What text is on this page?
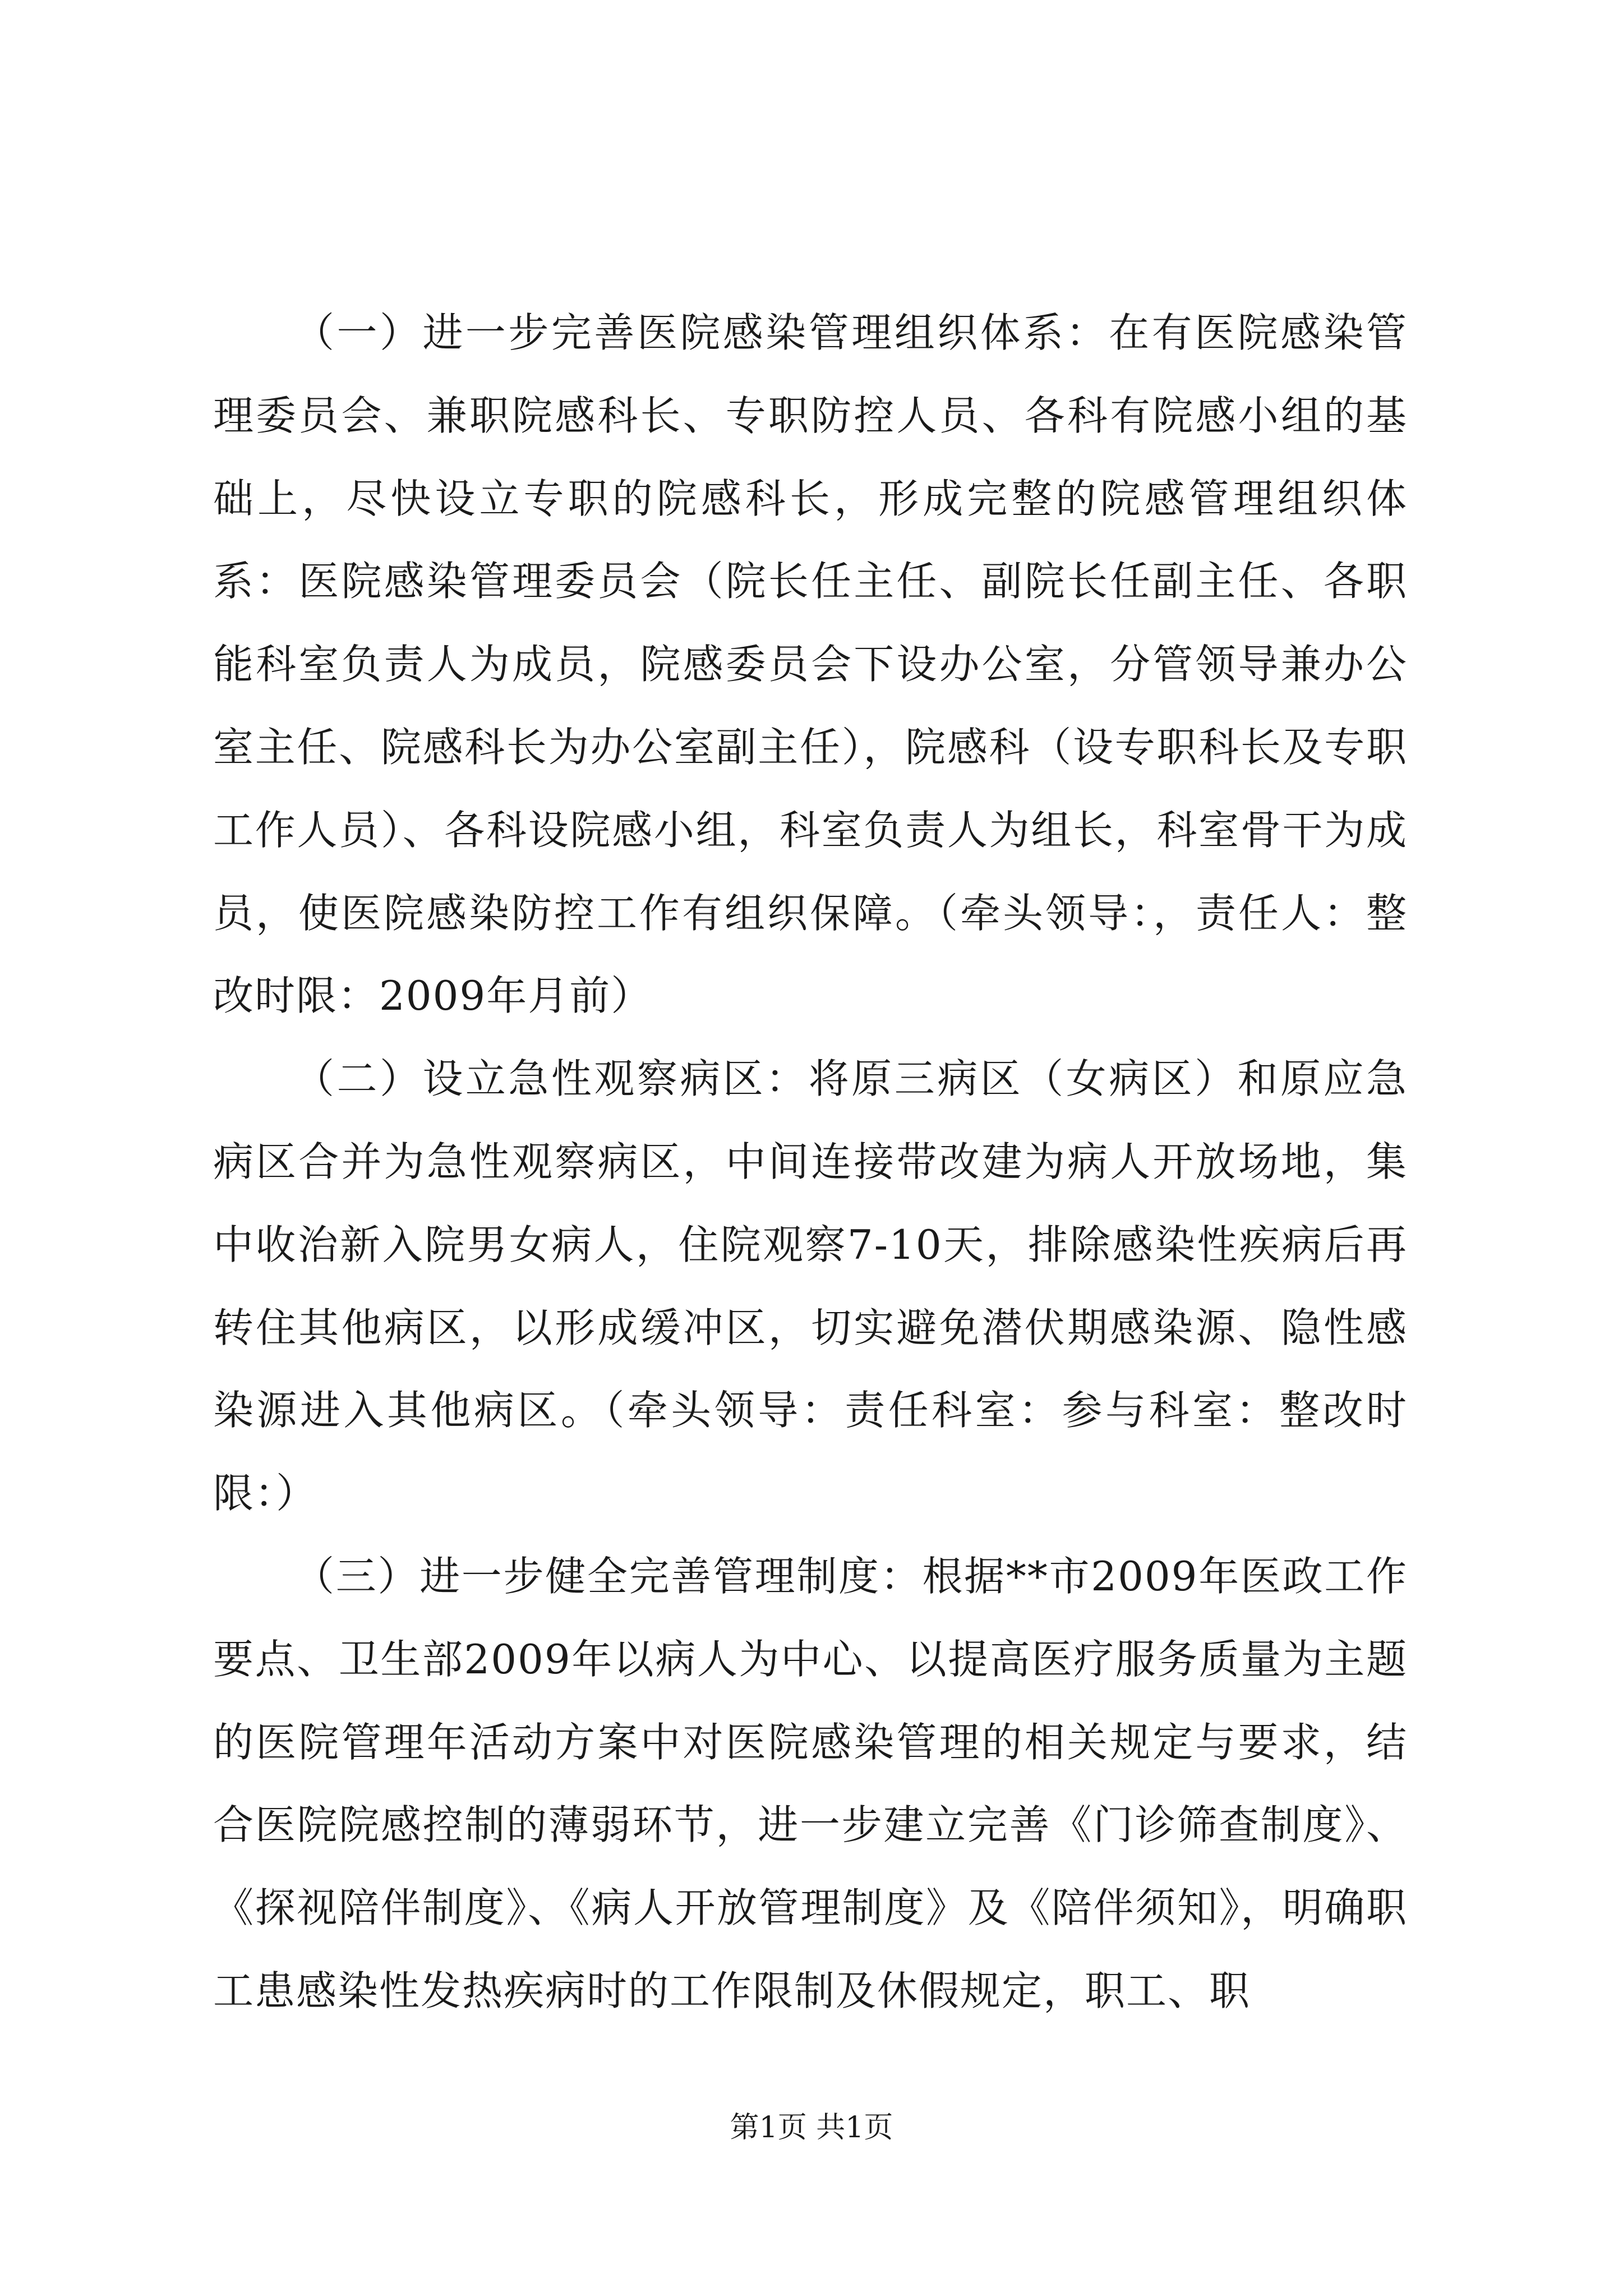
（一）进一步完善医院感染管理组织体系：在有医院感染管理委员会、兼职院感科长、专职防控人员、各科有院感小组的基础上，尽快设立专职的院感科长，形成完整的院感管理组织体系：医院感染管理委员会（院长任主任、副院长任副主任、各职能科室负责人为成员，院感委员会下设办公室，分管领导兼办公室主任、院感科长为办公室副主任），院感科（设专职科长及专职工作人员）、各科设院感小组，科室负责人为组长，科室骨干为成员，使医院感染防控工作有组织保障。（牵头领导：，责任人：整改时限：2009年月前）

（二）设立急性观察病区：将原三病区（女病区）和原应急病区合并为急性观察病区，中间连接带改建为病人开放场地，集中收治新入院男女病人，住院观察7-10天，排除感染性疾病后再转住其他病区，以形成缓冲区，切实避免潜伏期感染源、隐性感染源进入其他病区。（牵头领导：责任科室：参与科室：整改时限：）

（三）进一步健全完善管理制度：根据**市2009年医政工作要点、卫生部2009年以病人为中心、以提高医疗服务质量为主题的医院管理年活动方案中对医院感染管理的相关规定与要求，结合医院院感控制的薄弱环节，进一步建立完善《门诊筛查制度》、《探视陪伴制度》、《病人开放管理制度》及《陪伴须知》，明确职工患感染性发热疾病时的工作限制及休假规定，职工、职

第1页 共1页
